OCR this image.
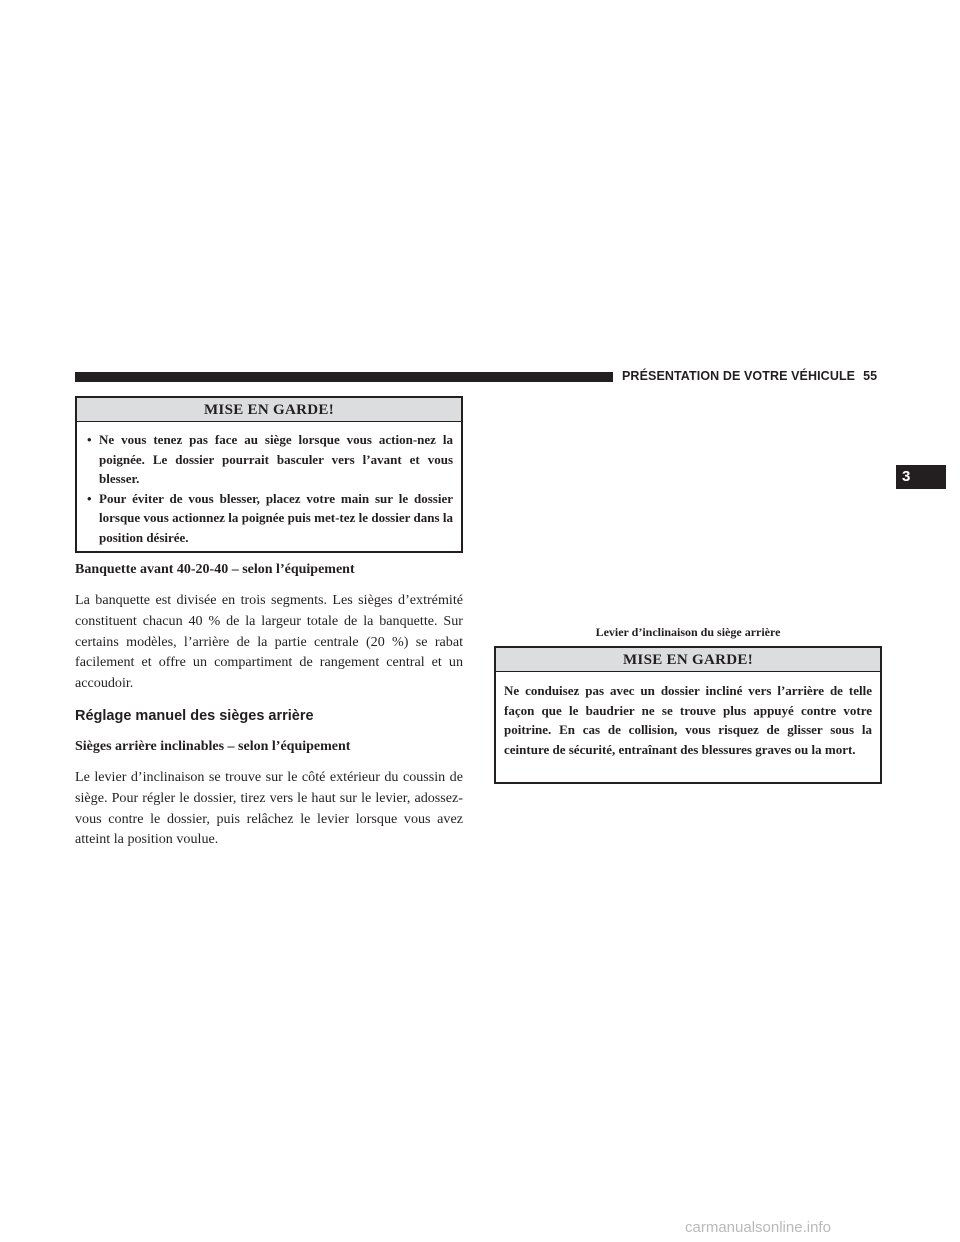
PRÉSENTATION DE VOTRE VÉHICULE 55
3
MISE EN GARDE!
• Ne vous tenez pas face au siège lorsque vous action-nez la poignée. Le dossier pourrait basculer vers l’avant et vous blesser.
• Pour éviter de vous blesser, placez votre main sur le dossier lorsque vous actionnez la poignée puis met-tez le dossier dans la position désirée.

Banquette avant 40-20-40 – selon l’équipement

La banquette est divisée en trois segments. Les sièges d’extrémité constituent chacun 40 % de la largeur totale de la banquette. Sur certains modèles, l’arrière de la partie centrale (20 %) se rabat facilement et offre un compartiment de rangement central et un accoudoir.

Réglage manuel des sièges arrière

Sièges arrière inclinables – selon l’équipement

Le levier d’inclinaison se trouve sur le côté extérieur du coussin de siège. Pour régler le dossier, tirez vers le haut sur le levier, adossez-vous contre le dossier, puis relâchez le levier lorsque vous avez atteint la position voulue.

Levier d’inclinaison du siège arrière
MISE EN GARDE!

Ne conduisez pas avec un dossier incliné vers l’arrière de telle façon que le baudrier ne se trouve plus appuyé contre votre poitrine. En cas de collision, vous risquez de glisser sous la ceinture de sécurité, entraînant des blessures graves ou la mort.

carmanualsonline.info
